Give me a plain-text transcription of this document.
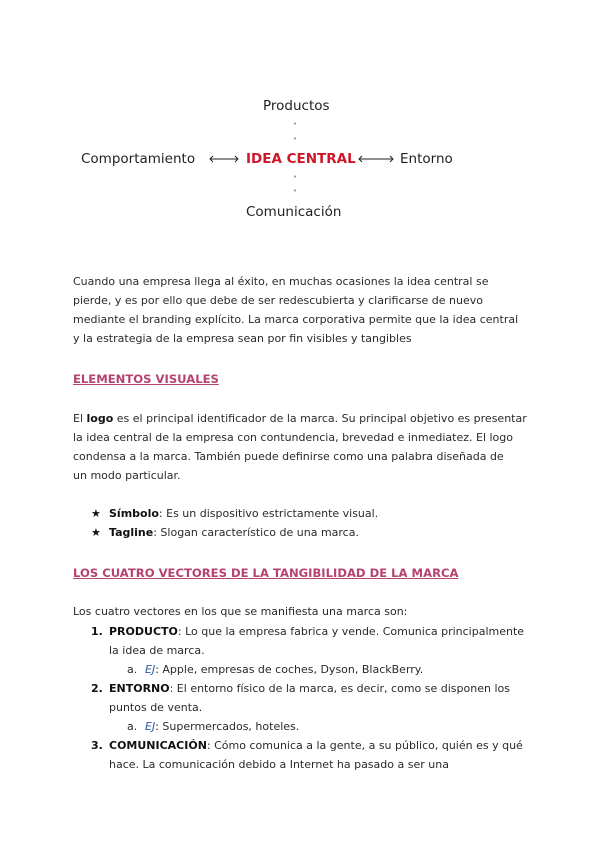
Productos
˄
˅
Comportamiento	IDEA CENTRAL	Entorno
˄
˅
Comunicación

Cuando una empresa llega al éxito, en muchas ocasiones la idea central se

pierde, y es por ello que debe de ser redescubierta y clarificarse de nuevo

mediante el branding explícito. La marca corporativa permite que la idea central

y la estrategia de la empresa sean por fin visibles y tangibles

ELEMENTOS VISUALES

El logo es el principal identificador de la marca. Su principal objetivo es presentar

la idea central de la empresa con contundencia, brevedad e inmediatez. El logo

condensa a la marca. También puede definirse como una palabra diseñada de

un modo particular.

★ Símbolo: Es un dispositivo estrictamente visual.
★ Tagline: Slogan característico de una marca.
LOS CUATRO VECTORES DE LA TANGIBILIDAD DE LA MARCA
Los cuatro vectores en los que se manifiesta una marca son:
1. PRODUCTO: Lo que la empresa fabrica y vende. Comunica principalmente
la idea de marca.
a. EJ: Apple, empresas de coches, Dyson, BlackBerry.
2. ENTORNO: El entorno físico de la marca, es decir, como se disponen los
puntos de venta.
a. EJ: Supermercados, hoteles.
3. COMUNICACIÓN: Cómo comunica a la gente, a su público, quién es y qué
hace. La comunicación debido a Internet ha pasado a ser una
